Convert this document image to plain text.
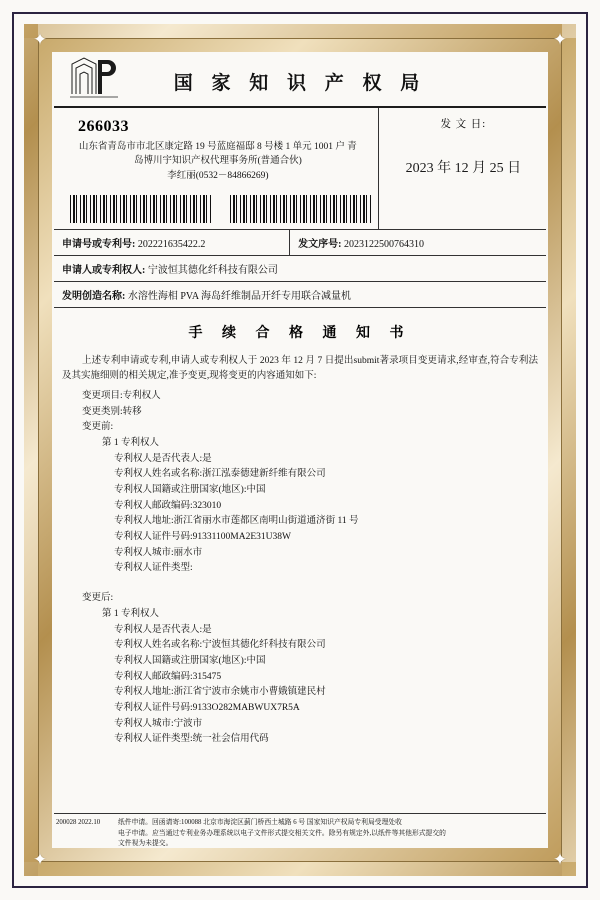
✦	✦
✦	✦
国 家 知 识 产 权 局
266033
山东省青岛市市北区康定路 19 号蓝庭福邸 8 号楼 1 单元 1001 户 青
岛博川宇知识产权代理事务所(普通合伙)
李红丽(0532－84866269)
发 文 日:
2023 年 12 月 25 日
申请号或专利号: 202221635422.2	发文序号: 2023122500764310
申请人或专利权人: 宁波恒其德化纤科技有限公司
发明创造名称: 水溶性海相 PVA 海岛纤维制品开纤专用联合减量机
手 续 合 格 通 知 书
上述专利申请或专利,申请人或专利权人于 2023 年 12 月 7 日提出submit著录项目变更请求,经审查,符合专利法及其实施细则的相关规定,准予变更,现将变更的内容通知如下:
变更项目:专利权人
变更类别:转移
变更前:
第 1 专利权人
专利权人是否代表人:是
专利权人姓名或名称:浙江泓泰德建新纤维有限公司
专利权人国籍或注册国家(地区):中国
专利权人邮政编码:323010
专利权人地址:浙江省丽水市莲都区南明山街道通济街 11 号
专利权人证件号码:91331100MA2E31U38W
专利权人城市:丽水市
专利权人证件类型:
变更后:
第 1 专利权人
专利权人是否代表人:是
专利权人姓名或名称:宁波恒其德化纤科技有限公司
专利权人国籍或注册国家(地区):中国
专利权人邮政编码:315475
专利权人地址:浙江省宁波市余姚市小曹娥镇建民村
专利权人证件号码:9133O282MABWUX7R5A
专利权人城市:宁波市
专利权人证件类型:统一社会信用代码
200028 2022.10	纸件申请。回函请寄:100088 北京市海淀区蓟门桥西土城路 6 号 国家知识产权局专利局受理处收
电子申请。应当通过专利业务办理系统以电子文件形式提交相关文件。除另有规定外,以纸件等其他形式提交的
文件视为未提交。
